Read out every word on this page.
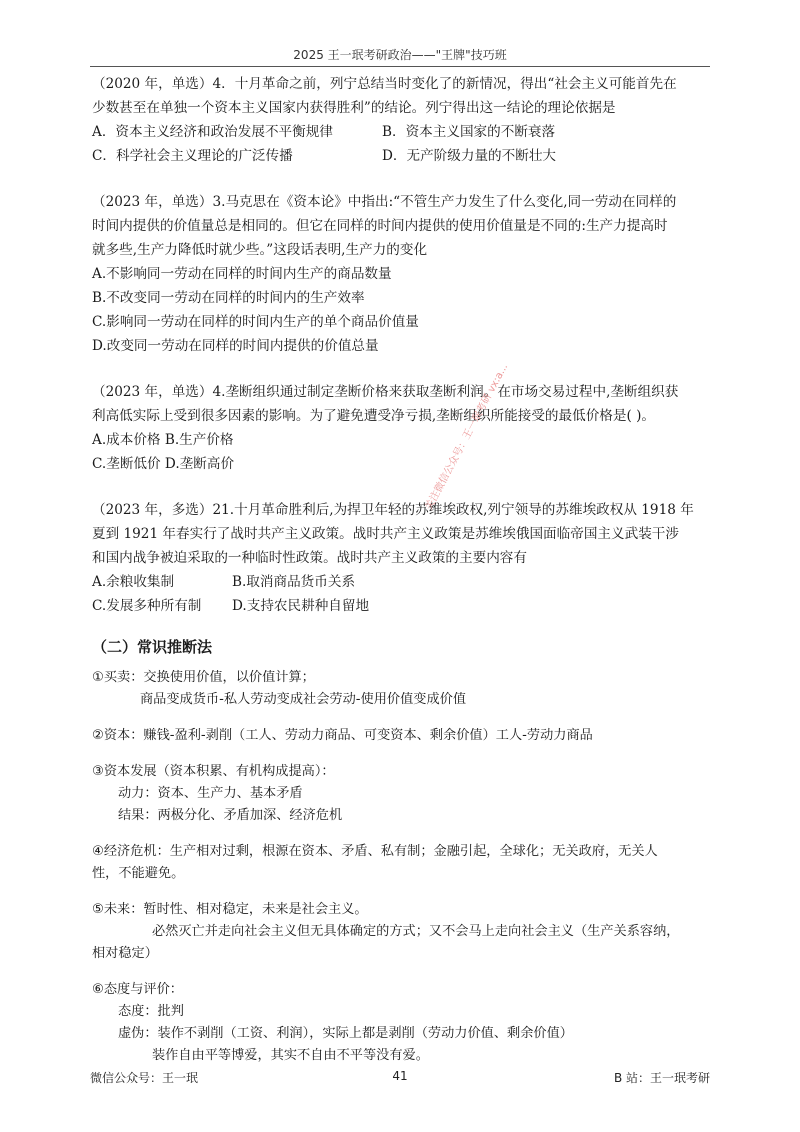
2025 王一珉考研政治——"王牌"技巧班

（2020 年，单选）4．十月革命之前，列宁总结当时变化了的新情况，得出“社会主义可能首先在

少数甚至在单独一个资本主义国家内获得胜利”的结论。列宁得出这一结论的理论依据是

A．资本主义经济和政治发展不平衡规律	B．资本主义国家的不断衰落
C．科学社会主义理论的广泛传播	D．无产阶级力量的不断壮大

（2023 年，单选）3.马克思在《资本论》中指出:“不管生产力发生了什么变化,同一劳动在同样的

时间内提供的价值量总是相同的。但它在同样的时间内提供的使用价值量是不同的:生产力提高时

就多些,生产力降低时就少些。”这段话表明,生产力的变化

A.不影响同一劳动在同样的时间内生产的商品数量

B.不改变同一劳动在同样的时间内的生产效率

C.影响同一劳动在同样的时间内生产的单个商品价值量

D.改变同一劳动在同样的时间内提供的价值总量

（2023 年，单选）4.垄断组织通过制定垄断价格来获取垄断利润。在市场交易过程中,垄断组织获

利高低实际上受到很多因素的影响。为了避免遭受净亏损,垄断组织所能接受的最低价格是( )。

A.成本价格 B.生产价格

C.垄断低价 D.垄断高价

（2023 年，多选）21.十月革命胜利后,为捍卫年轻的苏维埃政权,列宁领导的苏维埃政权从 1918 年

夏到 1921 年春实行了战时共产主义政策。战时共产主义政策是苏维埃俄国面临帝国主义武装干涉

和国内战争被迫采取的一种临时性政策。战时共产主义政策的主要内容有

A.余粮收集制	B.取消商品货币关系
C.发展多种所有制	D.支持农民耕种自留地
（二）常识推断法

①买卖：交换使用价值，以价值计算；

商品变成货币-私人劳动变成社会劳动-使用价值变成价值

②资本：赚钱-盈利-剥削（工人、劳动力商品、可变资本、剩余价值）工人-劳动力商品

③资本发展（资本积累、有机构成提高）：

动力：资本、生产力、基本矛盾

结果：两极分化、矛盾加深、经济危机

④经济危机：生产相对过剩，根源在资本、矛盾、私有制；金融引起，全球化；无关政府，无关人

性，不能避免。

⑤未来：暂时性、相对稳定，未来是社会主义。

必然灭亡并走向社会主义但无具体确定的方式；又不会马上走向社会主义（生产关系容纳，

相对稳定）

⑥态度与评价：

态度：批判

虚伪：装作不剥削（工资、利润），实际上都是剥削（劳动力价值、剩余价值）

装作自由平等博爱，其实不自由不平等没有爱。

关注微信公众号：王一珉考研 vx:a...
微信公众号：王一珉	41	B 站：王一珉考研
